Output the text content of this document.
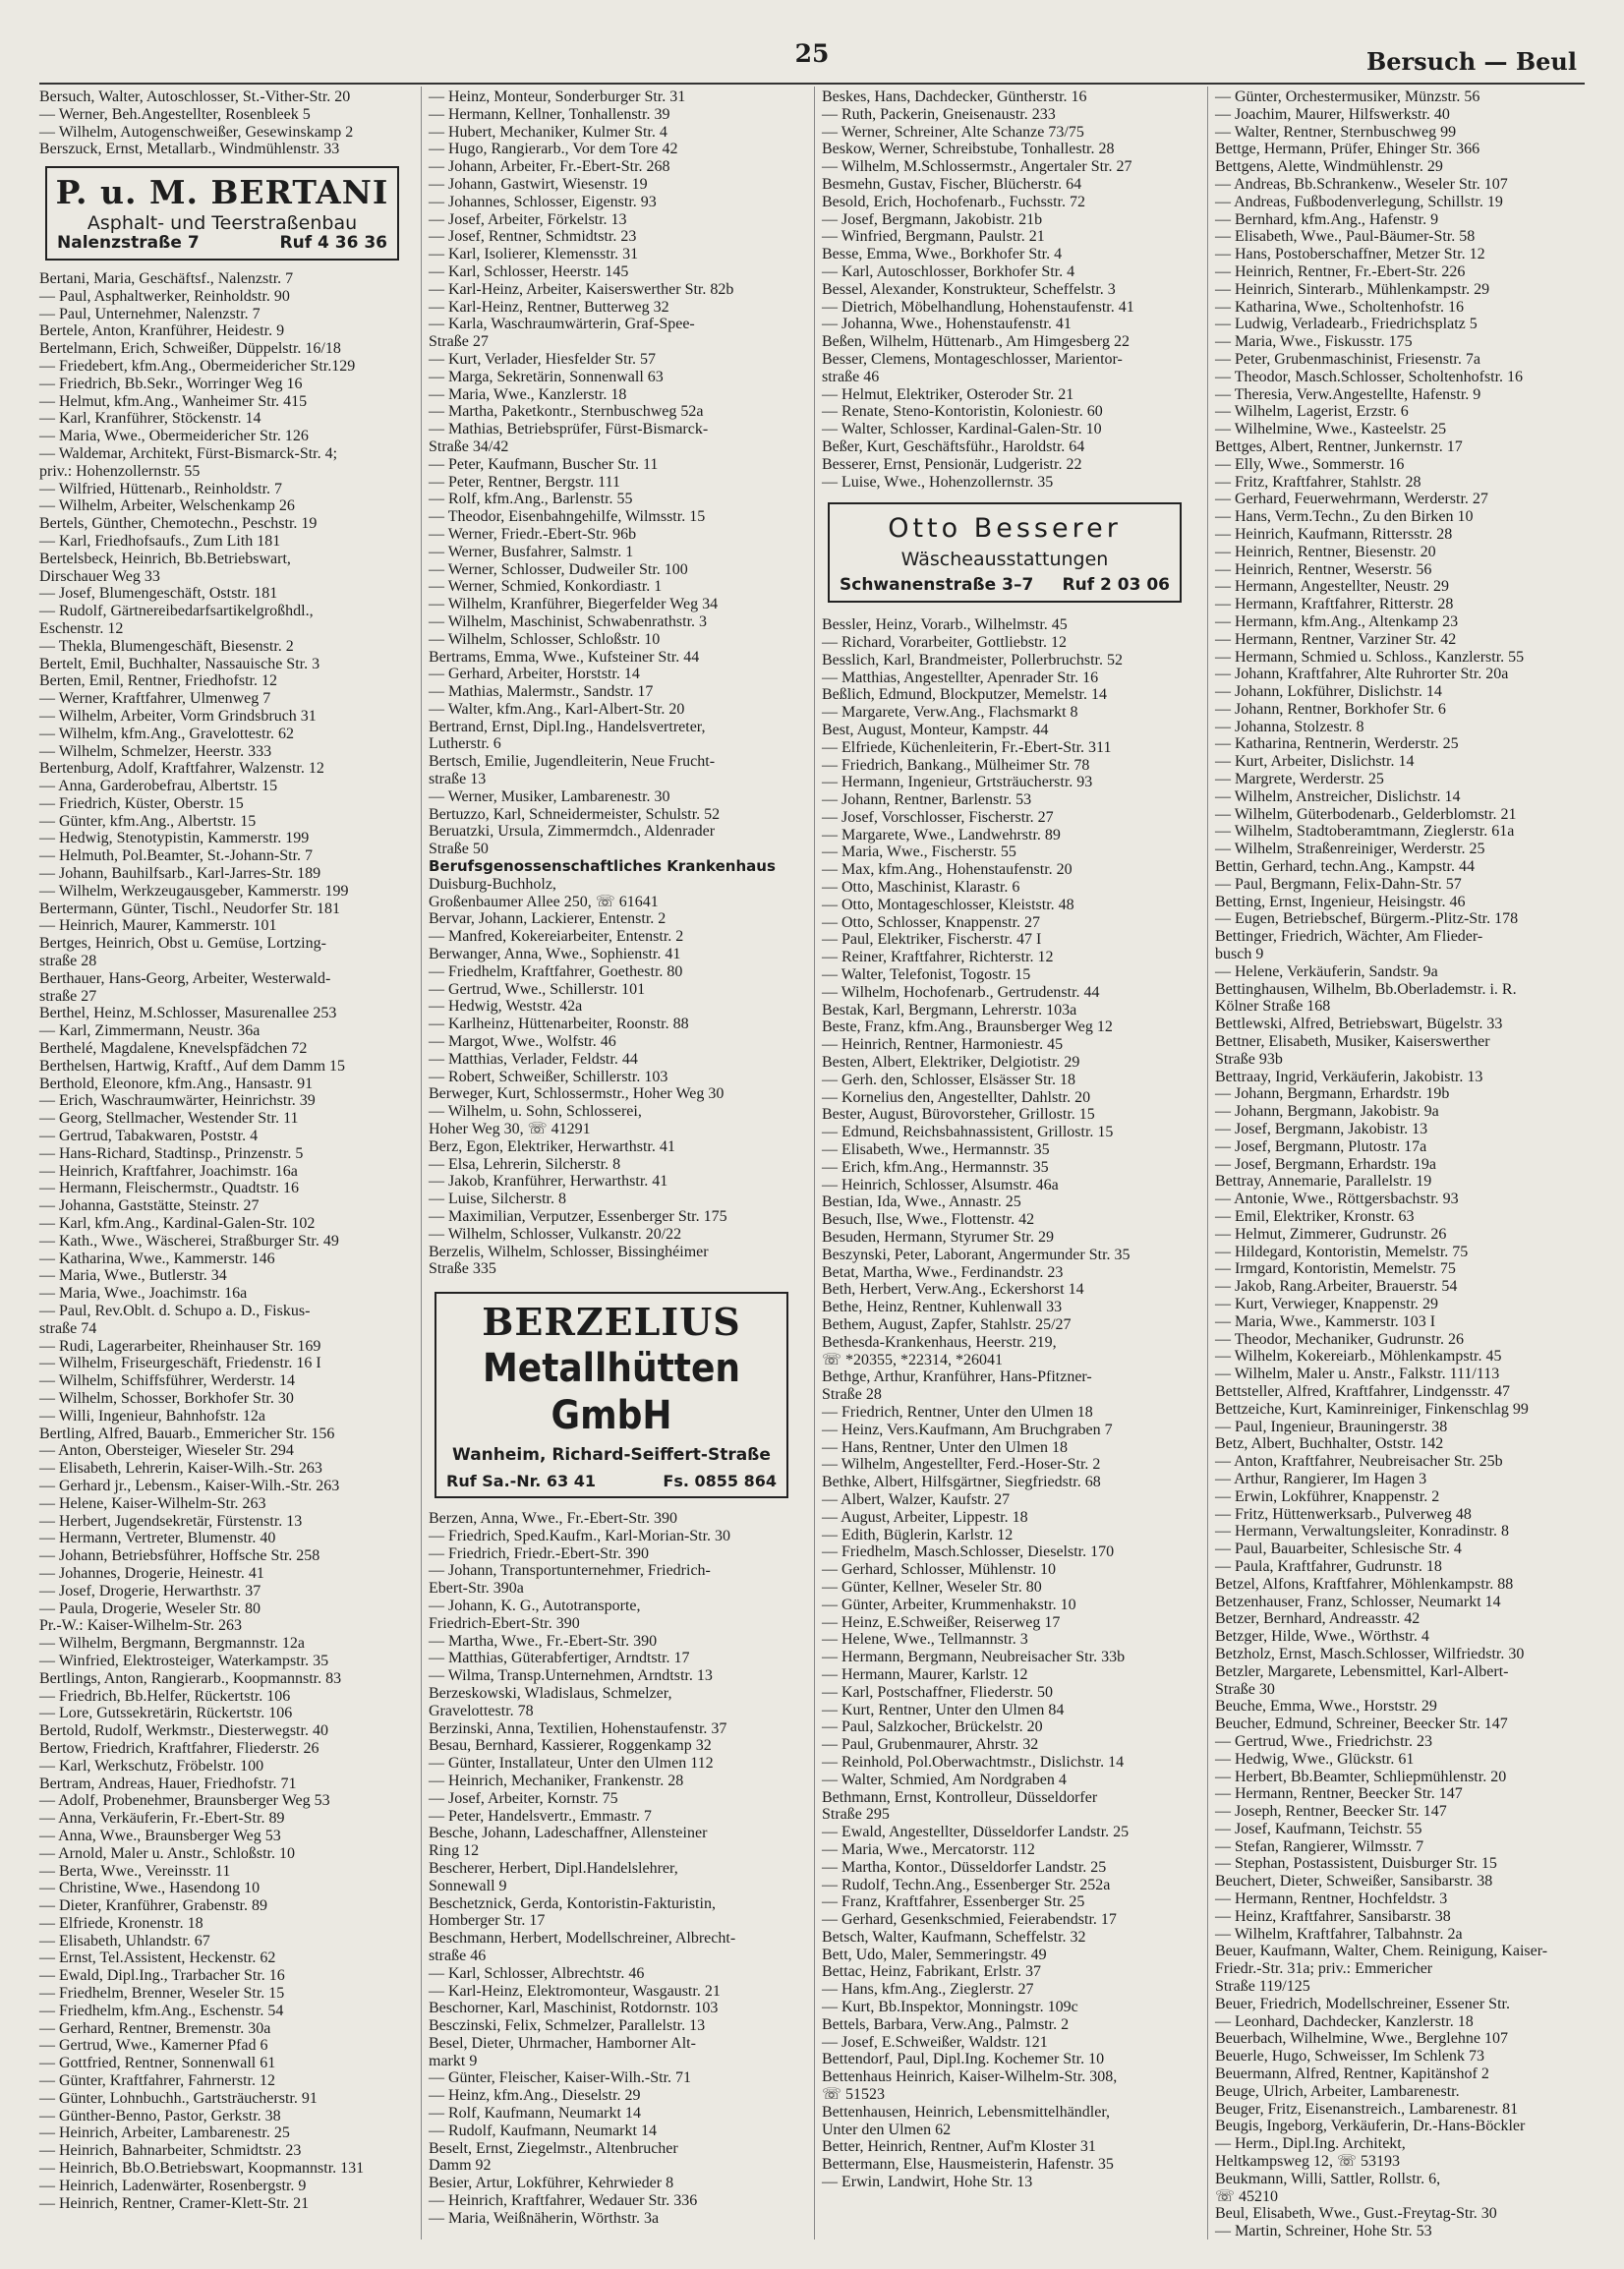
25	Bersuch — Beul
Bersuch, Walter, Autoschlosser, St.-Vither-Str. 20
— Werner, Beh.Angestellter, Rosenbleek 5
— Wilhelm, Autogenschweißer, Gesewinskamp 2
Berszuck, Ernst, Metallarb., Windmühlenstr. 33
P. u. M. BERTANI
Asphalt- und Teerstraßenbau
Nalenzstraße 7	Ruf 4 36 36
Bertani, Maria, Geschäftsf., Nalenzstr. 7
— Paul, Asphaltwerker, Reinholdstr. 90
— Paul, Unternehmer, Nalenzstr. 7
Bertele, Anton, Kranführer, Heidestr. 9
Bertelmann, Erich, Schweißer, Düppelstr. 16/18
— Friedebert, kfm.Ang., Obermeidericher Str.129
— Friedrich, Bb.Sekr., Worringer Weg 16
— Helmut, kfm.Ang., Wanheimer Str. 415
— Karl, Kranführer, Stöckenstr. 14
— Maria, Wwe., Obermeidericher Str. 126
— Waldemar, Architekt, Fürst-Bismarck-Str. 4;
priv.: Hohenzollernstr. 55
— Wilfried, Hüttenarb., Reinholdstr. 7
— Wilhelm, Arbeiter, Welschenkamp 26
Bertels, Günther, Chemotechn., Peschstr. 19
— Karl, Friedhofsaufs., Zum Lith 181
Bertelsbeck, Heinrich, Bb.Betriebswart,
Dirschauer Weg 33
— Josef, Blumengeschäft, Oststr. 181
— Rudolf, Gärtnereibedarfsartikelgroßhdl.,
Eschenstr. 12
— Thekla, Blumengeschäft, Biesenstr. 2
Bertelt, Emil, Buchhalter, Nassauische Str. 3
Berten, Emil, Rentner, Friedhofstr. 12
— Werner, Kraftfahrer, Ulmenweg 7
— Wilhelm, Arbeiter, Vorm Grindsbruch 31
— Wilhelm, kfm.Ang., Gravelottestr. 62
— Wilhelm, Schmelzer, Heerstr. 333
Bertenburg, Adolf, Kraftfahrer, Walzenstr. 12
— Anna, Garderobefrau, Albertstr. 15
— Friedrich, Küster, Oberstr. 15
— Günter, kfm.Ang., Albertstr. 15
— Hedwig, Stenotypistin, Kammerstr. 199
— Helmuth, Pol.Beamter, St.-Johann-Str. 7
— Johann, Bauhilfsarb., Karl-Jarres-Str. 189
— Wilhelm, Werkzeugausgeber, Kammerstr. 199
Bertermann, Günter, Tischl., Neudorfer Str. 181
— Heinrich, Maurer, Kammerstr. 101
Bertges, Heinrich, Obst u. Gemüse, Lortzing-
straße 28
Berthauer, Hans-Georg, Arbeiter, Westerwald-
straße 27
Berthel, Heinz, M.Schlosser, Masurenallee 253
— Karl, Zimmermann, Neustr. 36a
Berthelé, Magdalene, Knevelspfädchen 72
Berthelsen, Hartwig, Kraftf., Auf dem Damm 15
Berthold, Eleonore, kfm.Ang., Hansastr. 91
— Erich, Waschraumwärter, Heinrichstr. 39
— Georg, Stellmacher, Westender Str. 11
— Gertrud, Tabakwaren, Poststr. 4
— Hans-Richard, Stadtinsp., Prinzenstr. 5
— Heinrich, Kraftfahrer, Joachimstr. 16a
— Hermann, Fleischermstr., Quadtstr. 16
— Johanna, Gaststätte, Steinstr. 27
— Karl, kfm.Ang., Kardinal-Galen-Str. 102
— Kath., Wwe., Wäscherei, Straßburger Str. 49
— Katharina, Wwe., Kammerstr. 146
— Maria, Wwe., Butlerstr. 34
— Maria, Wwe., Joachimstr. 16a
— Paul, Rev.Oblt. d. Schupo a. D., Fiskus-
straße 74
— Rudi, Lagerarbeiter, Rheinhauser Str. 169
— Wilhelm, Friseurgeschäft, Friedenstr. 16 I
— Wilhelm, Schiffsführer, Werderstr. 14
— Wilhelm, Schosser, Borkhofer Str. 30
— Willi, Ingenieur, Bahnhofstr. 12a
Bertling, Alfred, Bauarb., Emmericher Str. 156
— Anton, Obersteiger, Wieseler Str. 294
— Elisabeth, Lehrerin, Kaiser-Wilh.-Str. 263
— Gerhard jr., Lebensm., Kaiser-Wilh.-Str. 263
— Helene, Kaiser-Wilhelm-Str. 263
— Herbert, Jugendsekretär, Fürstenstr. 13
— Hermann, Vertreter, Blumenstr. 40
— Johann, Betriebsführer, Hoffsche Str. 258
— Johannes, Drogerie, Heinestr. 41
— Josef, Drogerie, Herwarthstr. 37
— Paula, Drogerie, Weseler Str. 80
Pr.-W.: Kaiser-Wilhelm-Str. 263
— Wilhelm, Bergmann, Bergmannstr. 12a
— Winfried, Elektrosteiger, Waterkampstr. 35
Bertlings, Anton, Rangierarb., Koopmannstr. 83
— Friedrich, Bb.Helfer, Rückertstr. 106
— Lore, Gutssekretärin, Rückertstr. 106
Bertold, Rudolf, Werkmstr., Diesterwegstr. 40
Bertow, Friedrich, Kraftfahrer, Fliederstr. 26
— Karl, Werkschutz, Fröbelstr. 100
Bertram, Andreas, Hauer, Friedhofstr. 71
— Adolf, Probenehmer, Braunsberger Weg 53
— Anna, Verkäuferin, Fr.-Ebert-Str. 89
— Anna, Wwe., Braunsberger Weg 53
— Arnold, Maler u. Anstr., Schloßstr. 10
— Berta, Wwe., Vereinsstr. 11
— Christine, Wwe., Hasendong 10
— Dieter, Kranführer, Grabenstr. 89
— Elfriede, Kronenstr. 18
— Elisabeth, Uhlandstr. 67
— Ernst, Tel.Assistent, Heckenstr. 62
— Ewald, Dipl.Ing., Trarbacher Str. 16
— Friedhelm, Brenner, Weseler Str. 15
— Friedhelm, kfm.Ang., Eschenstr. 54
— Gerhard, Rentner, Bremenstr. 30a
— Gertrud, Wwe., Kamerner Pfad 6
— Gottfried, Rentner, Sonnenwall 61
— Günter, Kraftfahrer, Fahrnerstr. 12
— Günter, Lohnbuchh., Gartsträucherstr. 91
— Günther-Benno, Pastor, Gerkstr. 38
— Heinrich, Arbeiter, Lambarenestr. 25
— Heinrich, Bahnarbeiter, Schmidtstr. 23
— Heinrich, Bb.O.Betriebswart, Koopmannstr. 131
— Heinrich, Ladenwärter, Rosenbergstr. 9
— Heinrich, Rentner, Cramer-Klett-Str. 21
— Heinz, Monteur, Sonderburger Str. 31
— Hermann, Kellner, Tonhallenstr. 39
— Hubert, Mechaniker, Kulmer Str. 4
— Hugo, Rangierarb., Vor dem Tore 42
— Johann, Arbeiter, Fr.-Ebert-Str. 268
— Johann, Gastwirt, Wiesenstr. 19
— Johannes, Schlosser, Eigenstr. 93
— Josef, Arbeiter, Förkelstr. 13
— Josef, Rentner, Schmidtstr. 23
— Karl, Isolierer, Klemensstr. 31
— Karl, Schlosser, Heerstr. 145
— Karl-Heinz, Arbeiter, Kaiserswerther Str. 82b
— Karl-Heinz, Rentner, Butterweg 32
— Karla, Waschraumwärterin, Graf-Spee-
Straße 27
— Kurt, Verlader, Hiesfelder Str. 57
— Marga, Sekretärin, Sonnenwall 63
— Maria, Wwe., Kanzlerstr. 18
— Martha, Paketkontr., Sternbuschweg 52a
— Mathias, Betriebsprüfer, Fürst-Bismarck-
Straße 34/42
— Peter, Kaufmann, Buscher Str. 11
— Peter, Rentner, Bergstr. 111
— Rolf, kfm.Ang., Barlenstr. 55
— Theodor, Eisenbahngehilfe, Wilmsstr. 15
— Werner, Friedr.-Ebert-Str. 96b
— Werner, Busfahrer, Salmstr. 1
— Werner, Schlosser, Dudweiler Str. 100
— Werner, Schmied, Konkordiastr. 1
— Wilhelm, Kranführer, Biegerfelder Weg 34
— Wilhelm, Maschinist, Schwabenrathstr. 3
— Wilhelm, Schlosser, Schloßstr. 10
Bertrams, Emma, Wwe., Kufsteiner Str. 44
— Gerhard, Arbeiter, Horststr. 14
— Mathias, Malermstr., Sandstr. 17
— Walter, kfm.Ang., Karl-Albert-Str. 20
Bertrand, Ernst, Dipl.Ing., Handelsvertreter,
Lutherstr. 6
Bertsch, Emilie, Jugendleiterin, Neue Frucht-
straße 13
— Werner, Musiker, Lambarenestr. 30
Bertuzzo, Karl, Schneidermeister, Schulstr. 52
Beruatzki, Ursula, Zimmermdch., Aldenrader
Straße 50
Berufsgenossenschaftliches Krankenhaus
Duisburg-Buchholz,
Großenbaumer Allee 250, ☏ 61641
Bervar, Johann, Lackierer, Entenstr. 2
— Manfred, Kokereiarbeiter, Entenstr. 2
Berwanger, Anna, Wwe., Sophienstr. 41
— Friedhelm, Kraftfahrer, Goethestr. 80
— Gertrud, Wwe., Schillerstr. 101
— Hedwig, Weststr. 42a
— Karlheinz, Hüttenarbeiter, Roonstr. 88
— Margot, Wwe., Wolfstr. 46
— Matthias, Verlader, Feldstr. 44
— Robert, Schweißer, Schillerstr. 103
Berweger, Kurt, Schlossermstr., Hoher Weg 30
— Wilhelm, u. Sohn, Schlosserei,
Hoher Weg 30, ☏ 41291
Berz, Egon, Elektriker, Herwarthstr. 41
— Elsa, Lehrerin, Silcherstr. 8
— Jakob, Kranführer, Herwarthstr. 41
— Luise, Silcherstr. 8
— Maximilian, Verputzer, Essenberger Str. 175
— Wilhelm, Schlosser, Vulkanstr. 20/22
Berzelis, Wilhelm, Schlosser, Bissinghéimer
Straße 335
BERZELIUS
Metallhütten GmbH
Wanheim, Richard-Seiffert-Straße
Ruf Sa.-Nr. 63 41	Fs. 0855 864
Berzen, Anna, Wwe., Fr.-Ebert-Str. 390
— Friedrich, Sped.Kaufm., Karl-Morian-Str. 30
— Friedrich, Friedr.-Ebert-Str. 390
— Johann, Transportunternehmer, Friedrich-
Ebert-Str. 390a
— Johann, K. G., Autotransporte,
Friedrich-Ebert-Str. 390
— Martha, Wwe., Fr.-Ebert-Str. 390
— Matthias, Güterabfertiger, Arndtstr. 17
— Wilma, Transp.Unternehmen, Arndtstr. 13
Berzeskowski, Wladislaus, Schmelzer,
Gravelottestr. 78
Berzinski, Anna, Textilien, Hohenstaufenstr. 37
Besau, Bernhard, Kassierer, Roggenkamp 32
— Günter, Installateur, Unter den Ulmen 112
— Heinrich, Mechaniker, Frankenstr. 28
— Josef, Arbeiter, Kornstr. 75
— Peter, Handelsvertr., Emmastr. 7
Besche, Johann, Ladeschaffner, Allensteiner
Ring 12
Bescherer, Herbert, Dipl.Handelslehrer,
Sonnewall 9
Beschetznick, Gerda, Kontoristin-Fakturistin,
Homberger Str. 17
Beschmann, Herbert, Modellschreiner, Albrecht-
straße 46
— Karl, Schlosser, Albrechtstr. 46
— Karl-Heinz, Elektromonteur, Wasgaustr. 21
Beschorner, Karl, Maschinist, Rotdornstr. 103
Besczinski, Felix, Schmelzer, Parallelstr. 13
Besel, Dieter, Uhrmacher, Hamborner Alt-
markt 9
— Günter, Fleischer, Kaiser-Wilh.-Str. 71
— Heinz, kfm.Ang., Dieselstr. 29
— Rolf, Kaufmann, Neumarkt 14
— Rudolf, Kaufmann, Neumarkt 14
Beselt, Ernst, Ziegelmstr., Altenbrucher
Damm 92
Besier, Artur, Lokführer, Kehrwieder 8
— Heinrich, Kraftfahrer, Wedauer Str. 336
— Maria, Weißnäherin, Wörthstr. 3a
Beskes, Hans, Dachdecker, Güntherstr. 16
— Ruth, Packerin, Gneisenaustr. 233
— Werner, Schreiner, Alte Schanze 73/75
Beskow, Werner, Schreibstube, Tonhallestr. 28
— Wilhelm, M.Schlossermstr., Angertaler Str. 27
Besmehn, Gustav, Fischer, Blücherstr. 64
Besold, Erich, Hochofenarb., Fuchsstr. 72
— Josef, Bergmann, Jakobistr. 21b
— Winfried, Bergmann, Paulstr. 21
Besse, Emma, Wwe., Borkhofer Str. 4
— Karl, Autoschlosser, Borkhofer Str. 4
Bessel, Alexander, Konstrukteur, Scheffelstr. 3
— Dietrich, Möbelhandlung, Hohenstaufenstr. 41
— Johanna, Wwe., Hohenstaufenstr. 41
Beßen, Wilhelm, Hüttenarb., Am Himgesberg 22
Besser, Clemens, Montageschlosser, Marientor-
straße 46
— Helmut, Elektriker, Osteroder Str. 21
— Renate, Steno-Kontoristin, Koloniestr. 60
— Walter, Schlosser, Kardinal-Galen-Str. 10
Beßer, Kurt, Geschäftsführ., Haroldstr. 64
Besserer, Ernst, Pensionär, Ludgeristr. 22
— Luise, Wwe., Hohenzollernstr. 35
Otto Besserer
Wäscheausstattungen
Schwanenstraße 3–7 Ruf 2 03 06
Bessler, Heinz, Vorarb., Wilhelmstr. 45
— Richard, Vorarbeiter, Gottliebstr. 12
Besslich, Karl, Brandmeister, Pollerbruchstr. 52
— Matthias, Angestellter, Apenrader Str. 16
Beßlich, Edmund, Blockputzer, Memelstr. 14
— Margarete, Verw.Ang., Flachsmarkt 8
Best, August, Monteur, Kampstr. 44
— Elfriede, Küchenleiterin, Fr.-Ebert-Str. 311
— Friedrich, Bankang., Mülheimer Str. 78
— Hermann, Ingenieur, Grtsträucherstr. 93
— Johann, Rentner, Barlenstr. 53
— Josef, Vorschlosser, Fischerstr. 27
— Margarete, Wwe., Landwehrstr. 89
— Maria, Wwe., Fischerstr. 55
— Max, kfm.Ang., Hohenstaufenstr. 20
— Otto, Maschinist, Klarastr. 6
— Otto, Montageschlosser, Kleiststr. 48
— Otto, Schlosser, Knappenstr. 27
— Paul, Elektriker, Fischerstr. 47 I
— Reiner, Kraftfahrer, Richterstr. 12
— Walter, Telefonist, Togostr. 15
— Wilhelm, Hochofenarb., Gertrudenstr. 44
Bestak, Karl, Bergmann, Lehrerstr. 103a
Beste, Franz, kfm.Ang., Braunsberger Weg 12
— Heinrich, Rentner, Harmoniestr. 45
Besten, Albert, Elektriker, Delgiotistr. 29
— Gerh. den, Schlosser, Elsässer Str. 18
— Kornelius den, Angestellter, Dahlstr. 20
Bester, August, Bürovorsteher, Grillostr. 15
— Edmund, Reichsbahnassistent, Grillostr. 15
— Elisabeth, Wwe., Hermannstr. 35
— Erich, kfm.Ang., Hermannstr. 35
— Heinrich, Schlosser, Alsumstr. 46a
Bestian, Ida, Wwe., Annastr. 25
Besuch, Ilse, Wwe., Flottenstr. 42
Besuden, Hermann, Styrumer Str. 29
Beszynski, Peter, Laborant, Angermunder Str. 35
Betat, Martha, Wwe., Ferdinandstr. 23
Beth, Herbert, Verw.Ang., Eckershorst 14
Bethe, Heinz, Rentner, Kuhlenwall 33
Bethem, August, Zapfer, Stahlstr. 25/27
Bethesda-Krankenhaus, Heerstr. 219,
☏ *20355, *22314, *26041
Bethge, Arthur, Kranführer, Hans-Pfitzner-
Straße 28
— Friedrich, Rentner, Unter den Ulmen 18
— Heinz, Vers.Kaufmann, Am Bruchgraben 7
— Hans, Rentner, Unter den Ulmen 18
— Wilhelm, Angestellter, Ferd.-Hoser-Str. 2
Bethke, Albert, Hilfsgärtner, Siegfriedstr. 68
— Albert, Walzer, Kaufstr. 27
— August, Arbeiter, Lippestr. 18
— Edith, Büglerin, Karlstr. 12
— Friedhelm, Masch.Schlosser, Dieselstr. 170
— Gerhard, Schlosser, Mühlenstr. 10
— Günter, Kellner, Weseler Str. 80
— Günter, Arbeiter, Krummenhakstr. 10
— Heinz, E.Schweißer, Reiserweg 17
— Helene, Wwe., Tellmannstr. 3
— Hermann, Bergmann, Neubreisacher Str. 33b
— Hermann, Maurer, Karlstr. 12
— Karl, Postschaffner, Fliederstr. 50
— Kurt, Rentner, Unter den Ulmen 84
— Paul, Salzkocher, Brückelstr. 20
— Paul, Grubenmaurer, Ahrstr. 32
— Reinhold, Pol.Oberwachtmstr., Dislichstr. 14
— Walter, Schmied, Am Nordgraben 4
Bethmann, Ernst, Kontrolleur, Düsseldorfer
Straße 295
— Ewald, Angestellter, Düsseldorfer Landstr. 25
— Maria, Wwe., Mercatorstr. 112
— Martha, Kontor., Düsseldorfer Landstr. 25
— Rudolf, Techn.Ang., Essenberger Str. 252a
— Franz, Kraftfahrer, Essenberger Str. 25
— Gerhard, Gesenkschmied, Feierabendstr. 17
Betsch, Walter, Kaufmann, Scheffelstr. 32
Bett, Udo, Maler, Semmeringstr. 49
Bettac, Heinz, Fabrikant, Erlstr. 37
— Hans, kfm.Ang., Zieglerstr. 27
— Kurt, Bb.Inspektor, Monningstr. 109c
Bettels, Barbara, Verw.Ang., Palmstr. 2
— Josef, E.Schweißer, Waldstr. 121
Bettendorf, Paul, Dipl.Ing. Kochemer Str. 10
Bettenhaus Heinrich, Kaiser-Wilhelm-Str. 308,
☏ 51523
Bettenhausen, Heinrich, Lebensmittelhändler,
Unter den Ulmen 62
Better, Heinrich, Rentner, Auf'm Kloster 31
Bettermann, Else, Hausmeisterin, Hafenstr. 35
— Erwin, Landwirt, Hohe Str. 13
— Günter, Orchestermusiker, Münzstr. 56
— Joachim, Maurer, Hilfswerkstr. 40
— Walter, Rentner, Sternbuschweg 99
Bettge, Hermann, Prüfer, Ehinger Str. 366
Bettgens, Alette, Windmühlenstr. 29
— Andreas, Bb.Schrankenw., Weseler Str. 107
— Andreas, Fußbodenverlegung, Schillstr. 19
— Bernhard, kfm.Ang., Hafenstr. 9
— Elisabeth, Wwe., Paul-Bäumer-Str. 58
— Hans, Postoberschaffner, Metzer Str. 12
— Heinrich, Rentner, Fr.-Ebert-Str. 226
— Heinrich, Sinterarb., Mühlenkampstr. 29
— Katharina, Wwe., Scholtenhofstr. 16
— Ludwig, Verladearb., Friedrichsplatz 5
— Maria, Wwe., Fiskusstr. 175
— Peter, Grubenmaschinist, Friesenstr. 7a
— Theodor, Masch.Schlosser, Scholtenhofstr. 16
— Theresia, Verw.Angestellte, Hafenstr. 9
— Wilhelm, Lagerist, Erzstr. 6
— Wilhelmine, Wwe., Kasteelstr. 25
Bettges, Albert, Rentner, Junkernstr. 17
— Elly, Wwe., Sommerstr. 16
— Fritz, Kraftfahrer, Stahlstr. 28
— Gerhard, Feuerwehrmann, Werderstr. 27
— Hans, Verm.Techn., Zu den Birken 10
— Heinrich, Kaufmann, Rittersstr. 28
— Heinrich, Rentner, Biesenstr. 20
— Heinrich, Rentner, Weserstr. 56
— Hermann, Angestellter, Neustr. 29
— Hermann, Kraftfahrer, Ritterstr. 28
— Hermann, kfm.Ang., Altenkamp 23
— Hermann, Rentner, Varziner Str. 42
— Hermann, Schmied u. Schloss., Kanzlerstr. 55
— Johann, Kraftfahrer, Alte Ruhrorter Str. 20a
— Johann, Lokführer, Dislichstr. 14
— Johann, Rentner, Borkhofer Str. 6
— Johanna, Stolzestr. 8
— Katharina, Rentnerin, Werderstr. 25
— Kurt, Arbeiter, Dislichstr. 14
— Margrete, Werderstr. 25
— Wilhelm, Anstreicher, Dislichstr. 14
— Wilhelm, Güterbodenarb., Gelderblomstr. 21
— Wilhelm, Stadtoberamtmann, Zieglerstr. 61a
— Wilhelm, Straßenreiniger, Werderstr. 25
Bettin, Gerhard, techn.Ang., Kampstr. 44
— Paul, Bergmann, Felix-Dahn-Str. 57
Betting, Ernst, Ingenieur, Heisingstr. 46
— Eugen, Betriebschef, Bürgerm.-Plitz-Str. 178
Bettinger, Friedrich, Wächter, Am Flieder-
busch 9
— Helene, Verkäuferin, Sandstr. 9a
Bettinghausen, Wilhelm, Bb.Oberlademstr. i. R.
Kölner Straße 168
Bettlewski, Alfred, Betriebswart, Bügelstr. 33
Bettner, Elisabeth, Musiker, Kaiserswerther
Straße 93b
Bettraay, Ingrid, Verkäuferin, Jakobistr. 13
— Johann, Bergmann, Erhardstr. 19b
— Johann, Bergmann, Jakobistr. 9a
— Josef, Bergmann, Jakobistr. 13
— Josef, Bergmann, Plutostr. 17a
— Josef, Bergmann, Erhardstr. 19a
Bettray, Annemarie, Parallelstr. 19
— Antonie, Wwe., Röttgersbachstr. 93
— Emil, Elektriker, Kronstr. 63
— Helmut, Zimmerer, Gudrunstr. 26
— Hildegard, Kontoristin, Memelstr. 75
— Irmgard, Kontoristin, Memelstr. 75
— Jakob, Rang.Arbeiter, Brauerstr. 54
— Kurt, Verwieger, Knappenstr. 29
— Maria, Wwe., Kammerstr. 103 I
— Theodor, Mechaniker, Gudrunstr. 26
— Wilhelm, Kokereiarb., Möhlenkampstr. 45
— Wilhelm, Maler u. Anstr., Falkstr. 111/113
Bettsteller, Alfred, Kraftfahrer, Lindgensstr. 47
Bettzeiche, Kurt, Kaminreiniger, Finkenschlag 99
— Paul, Ingenieur, Brauningerstr. 38
Betz, Albert, Buchhalter, Oststr. 142
— Anton, Kraftfahrer, Neubreisacher Str. 25b
— Arthur, Rangierer, Im Hagen 3
— Erwin, Lokführer, Knappenstr. 2
— Fritz, Hüttenwerksarb., Pulverweg 48
— Hermann, Verwaltungsleiter, Konradinstr. 8
— Paul, Bauarbeiter, Schlesische Str. 4
— Paula, Kraftfahrer, Gudrunstr. 18
Betzel, Alfons, Kraftfahrer, Möhlenkampstr. 88
Betzenhauser, Franz, Schlosser, Neumarkt 14
Betzer, Bernhard, Andreasstr. 42
Betzger, Hilde, Wwe., Wörthstr. 4
Betzholz, Ernst, Masch.Schlosser, Wilfriedstr. 30
Betzler, Margarete, Lebensmittel, Karl-Albert-
Straße 30
Beuche, Emma, Wwe., Horststr. 29
Beucher, Edmund, Schreiner, Beecker Str. 147
— Gertrud, Wwe., Friedrichstr. 23
— Hedwig, Wwe., Glückstr. 61
— Herbert, Bb.Beamter, Schliepmühlenstr. 20
— Hermann, Rentner, Beecker Str. 147
— Joseph, Rentner, Beecker Str. 147
— Josef, Kaufmann, Teichstr. 55
— Stefan, Rangierer, Wilmsstr. 7
— Stephan, Postassistent, Duisburger Str. 15
Beuchert, Dieter, Schweißer, Sansibarstr. 38
— Hermann, Rentner, Hochfeldstr. 3
— Heinz, Kraftfahrer, Sansibarstr. 38
— Wilhelm, Kraftfahrer, Talbahnstr. 2a
Beuer, Kaufmann, Walter, Chem. Reinigung, Kaiser-
Friedr.-Str. 31a; priv.: Emmericher
Straße 119/125
Beuer, Friedrich, Modellschreiner, Essener Str.
— Leonhard, Dachdecker, Kanzlerstr. 18
Beuerbach, Wilhelmine, Wwe., Berglehne 107
Beuerle, Hugo, Schweisser, Im Schlenk 73
Beuermann, Alfred, Rentner, Kapitänshof 2
Beuge, Ulrich, Arbeiter, Lambarenestr.
Beuger, Fritz, Eisenanstreich., Lambarenestr. 81
Beugis, Ingeborg, Verkäuferin, Dr.-Hans-Böckler
— Herm., Dipl.Ing. Architekt,
Heltkampsweg 12, ☏ 53193
Beukmann, Willi, Sattler, Rollstr. 6,
☏ 45210
Beul, Elisabeth, Wwe., Gust.-Freytag-Str. 30
— Martin, Schreiner, Hohe Str. 53
